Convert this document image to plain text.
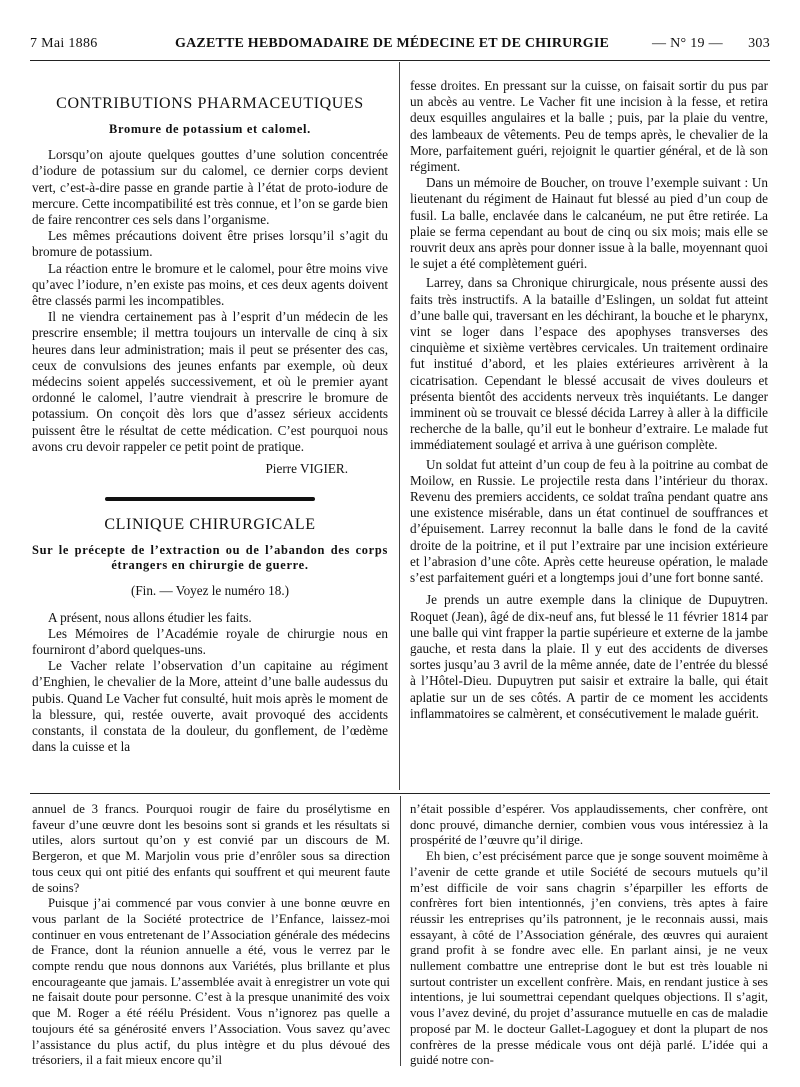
7 Mai 1886	GAZETTE HEBDOMADAIRE DE MÉDECINE ET DE CHIRURGIE	— N° 19 — 303
CONTRIBUTIONS PHARMACEUTIQUES
Bromure de potassium et calomel.

Lorsqu’on ajoute quelques gouttes d’une solution concentrée d’iodure de potassium sur du calomel, ce dernier corps devient vert, c’est-à-dire passe en grande partie à l’état de proto-iodure de mercure. Cette incompatibilité est très connue, et l’on se garde bien de faire rencontrer ces sels dans l’organisme.

Les mêmes précautions doivent être prises lorsqu’il s’agit du bromure de potassium.

La réaction entre le bromure et le calomel, pour être moins vive qu’avec l’iodure, n’en existe pas moins, et ces deux agents doivent être classés parmi les incompatibles.

Il ne viendra certainement pas à l’esprit d’un médecin de les prescrire ensemble; il mettra toujours un intervalle de cinq à six heures dans leur administration; mais il peut se présenter des cas, ceux de convulsions des jeunes enfants par exemple, où deux médecins soient appelés successivement, et où le premier ayant ordonné le calomel, l’autre viendrait à prescrire le bromure de potassium. On conçoit dès lors que d’assez sérieux accidents puissent être le résultat de cette médication. C’est pourquoi nous avons cru devoir rappeler ce petit point de pratique.

Pierre VIGIER.
CLINIQUE CHIRURGICALE
Sur le précepte de l’extraction ou de l’abandon des corps étrangers en chirurgie de guerre.
(Fin. — Voyez le numéro 18.)

A présent, nous allons étudier les faits.

Les Mémoires de l’Académie royale de chirurgie nous en fourniront d’abord quelques-uns.

Le Vacher relate l’observation d’un capitaine au régiment d’Enghien, le chevalier de la More, atteint d’une balle audessus du pubis. Quand Le Vacher fut consulté, huit mois après le moment de la blessure, qui, restée ouverte, avait provoqué des accidents constants, il constata de la douleur, du gonflement, de l’œdème dans la cuisse et la

fesse droites. En pressant sur la cuisse, on faisait sortir du pus par un abcès au ventre. Le Vacher fit une incision à la fesse, et retira deux esquilles angulaires et la balle ; puis, par la plaie du ventre, des lambeaux de vêtements. Peu de temps après, le chevalier de la More, parfaitement guéri, rejoignit le quartier général, et de là son régiment.

Dans un mémoire de Boucher, on trouve l’exemple suivant : Un lieutenant du régiment de Hainaut fut blessé au pied d’un coup de fusil. La balle, enclavée dans le calcanéum, ne put être retirée. La plaie se ferma cependant au bout de cinq ou six mois; mais elle se rouvrit deux ans après pour donner issue à la balle, moyennant quoi le sujet a été complètement guéri.

Larrey, dans sa Chronique chirurgicale, nous présente aussi des faits très instructifs. A la bataille d’Eslingen, un soldat fut atteint d’une balle qui, traversant en les déchirant, la bouche et le pharynx, vint se loger dans l’espace des apophyses transverses des cinquième et sixième vertèbres cervicales. Un traitement ordinaire fut institué d’abord, et les plaies extérieures arrivèrent à la cicatrisation. Cependant le blessé accusait de vives douleurs et présenta bientôt des accidents nerveux très inquiétants. Le danger imminent où se trouvait ce blessé décida Larrey à aller à la difficile recherche de la balle, qu’il eut le bonheur d’extraire. Le malade fut immédiatement soulagé et arriva à une guérison complète.

Un soldat fut atteint d’un coup de feu à la poitrine au combat de Moilow, en Russie. Le projectile resta dans l’intérieur du thorax. Revenu des premiers accidents, ce soldat traîna pendant quatre ans une existence misérable, dans un état continuel de souffrances et d’épuisement. Larrey reconnut la balle dans le fond de la cavité droite de la poitrine, et il put l’extraire par une incision extérieure et l’abrasion d’une côte. Après cette heureuse opération, le malade s’est parfaitement guéri et a longtemps joui d’une fort bonne santé.

Je prends un autre exemple dans la clinique de Dupuytren. Roquet (Jean), âgé de dix-neuf ans, fut blessé le 11 février 1814 par une balle qui vint frapper la partie supérieure et externe de la jambe gauche, et resta dans la plaie. Il y eut des accidents de diverses sortes jusqu’au 3 avril de la même année, date de l’entrée du blessé à l’Hôtel-Dieu. Dupuytren put saisir et extraire la balle, qui était aplatie sur un de ses côtés. A partir de ce moment les accidents inflammatoires se calmèrent, et consécutivement le malade guérit.

annuel de 3 francs. Pourquoi rougir de faire du prosélytisme en faveur d’une œuvre dont les besoins sont si grands et les résultats si utiles, alors surtout qu’on y est convié par un discours de M. Bergeron, et que M. Marjolin vous prie d’enrôler sous sa direction tous ceux qui ont pitié des enfants qui souffrent et qui meurent faute de soins?

Puisque j’ai commencé par vous convier à une bonne œuvre en vous parlant de la Société protectrice de l’Enfance, laissez-moi continuer en vous entretenant de l’Association générale des médecins de France, dont la réunion annuelle a été, vous le verrez par le compte rendu que nous donnons aux Variétés, plus brillante et plus encourageante que jamais. L’assemblée avait à enregistrer un vote qui ne faisait doute pour personne. C’est à la presque unanimité des voix que M. Roger a été réélu Président. Vous n’ignorez pas quelle a toujours été sa générosité envers l’Association. Vous savez qu’avec l’assistance du plus actif, du plus intègre et du plus dévoué des trésoriers, il a fait mieux encore qu’il

n’était possible d’espérer. Vos applaudissements, cher confrère, ont donc prouvé, dimanche dernier, combien vous vous intéressiez à la prospérité de l’œuvre qu’il dirige.

Eh bien, c’est précisément parce que je songe souvent moimême à l’avenir de cette grande et utile Société de secours mutuels qu’il m’est difficile de voir sans chagrin s’éparpiller les efforts de confrères fort bien intentionnés, j’en conviens, très aptes à faire réussir les entreprises qu’ils patronnent, je le reconnais aussi, mais essayant, à côté de l’Association générale, des œuvres qui auraient grand profit à se fondre avec elle. En parlant ainsi, je ne veux nullement combattre une entreprise dont le but est très louable ni surtout contrister un excellent confrère. Mais, en rendant justice à ses intentions, je lui soumettrai cependant quelques objections. Il s’agit, vous l’avez deviné, du projet d’assurance mutuelle en cas de maladie proposé par M. le docteur Gallet-Lagoguey et dont la plupart de nos confrères de la presse médicale vous ont déjà parlé. L’idée qui a guidé notre con-
